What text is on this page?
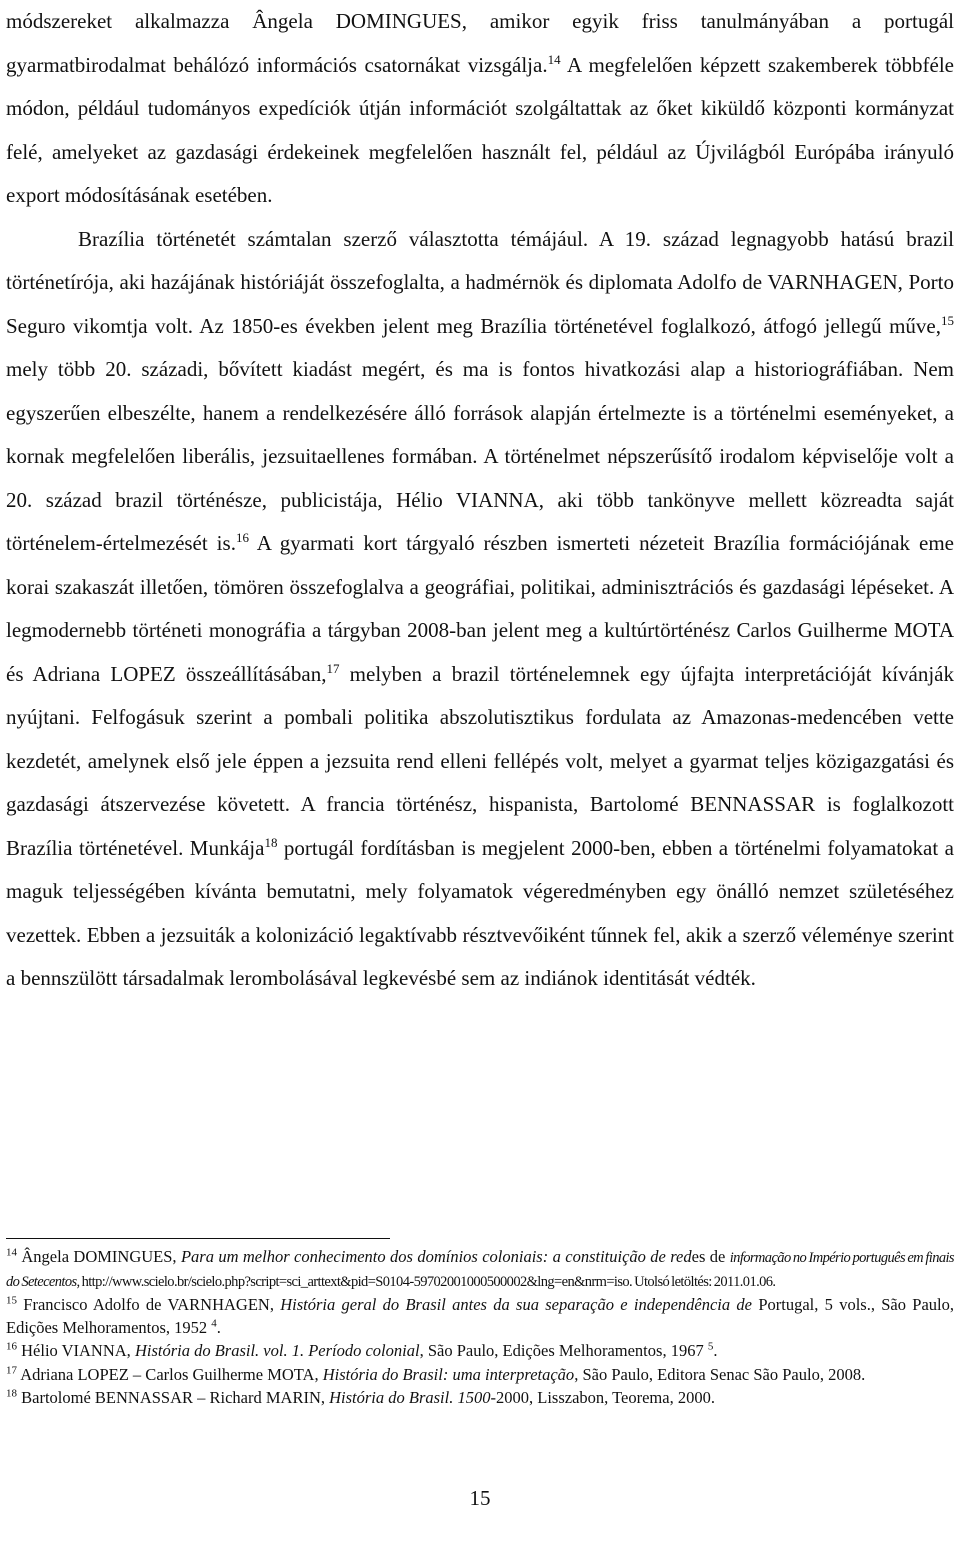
módszereket alkalmazza Ângela DOMINGUES, amikor egyik friss tanulmányában a portugál gyarmatbirodalmat behálózó információs csatornákat vizsgálja.$^{14}$ A megfelelően képzett szakemberek többféle módon, például tudományos expedíciók útján információt szolgáltattak az őket kiküldő központi kormányzat felé, amelyeket az gazdasági érdekeinek megfelelően használt fel, például az Újvilágból Európába irányuló export módosításának esetében.

Brazília történetét számtalan szerző választotta témájául. A 19. század legnagyobb hatású brazil történetírója, aki hazájának históriáját összefoglalta, a hadmérnök és diplomata Adolfo de VARNHAGEN, Porto Seguro vikomtja volt. Az 1850-es években jelent meg Brazília történetével foglalkozó, átfogó jellegű műve,$^{15}$ mely több 20. századi, bővített kiadást megért, és ma is fontos hivatkozási alap a historiográfiában. Nem egyszerűen elbeszélte, hanem a rendelkezésére álló források alapján értelmezte is a történelmi eseményeket, a kornak megfelelően liberális, jezsuitaellenes formában. A történelmet népszerűsítő irodalom képviselője volt a 20. század brazil történésze, publicistája, Hélio VIANNA, aki több tankönyve mellett közreadta saját történelem-értelmezését is.$^{16}$ A gyarmati kort tárgyaló részben ismerteti nézeteit Brazília formációjának eme korai szakaszát illetően, tömören összefoglalva a geográfiai, politikai, adminisztrációs és gazdasági lépéseket. A legmodernebb történeti monográfia a tárgyban 2008-ban jelent meg a kultúrtörténész Carlos Guilherme MOTA és Adriana LOPEZ összeállításában,$^{17}$ melyben a brazil történelemnek egy újfajta interpretációját kívánják nyújtani. Felfogásuk szerint a pombali politika abszolutisztikus fordulata az Amazonas-medencében vette kezdetét, amelynek első jele éppen a jezsuita rend elleni fellépés volt, melyet a gyarmat teljes közigazgatási és gazdasági átszervezése követett. A francia történész, hispanista, Bartolomé BENNASSAR is foglalkozott Brazília történetével. Munkája$^{18}$ portugál fordításban is megjelent 2000-ben, ebben a történelmi folyamatokat a maguk teljességében kívánta bemutatni, mely folyamatok végeredményben egy önálló nemzet születéséhez vezettek. Ebben a jezsuiták a kolonizáció legaktívabb résztvevőiként tűnnek fel, akik a szerző véleménye szerint a bennszülött társadalmak lerombolásával legkevésbé sem az indiánok identitását védték.

$^{14}$ Ângela DOMINGUES, Para um melhor conhecimento dos domínios coloniais: a constituição de redes de informação no Império português em finais do Setecentos, http://www.scielo.br/scielo.php?script=sci_arttext&pid=S0104-59702001000500002&lng=en&nrm=iso. Utolsó letöltés: 2011.01.06.

$^{15}$ Francisco Adolfo de VARNHAGEN, História geral do Brasil antes da sua separação e independência de Portugal, 5 vols., São Paulo, Edições Melhoramentos, 1952 $^4$.

$^{16}$ Hélio VIANNA, História do Brasil. vol. 1. Período colonial, São Paulo, Edições Melhoramentos, 1967 $^5$.

$^{17}$ Adriana LOPEZ – Carlos Guilherme MOTA, História do Brasil: uma interpretação, São Paulo, Editora Senac São Paulo, 2008.

$^{18}$ Bartolomé BENNASSAR – Richard MARIN, História do Brasil. 1500-2000, Lisszabon, Teorema, 2000.

15
